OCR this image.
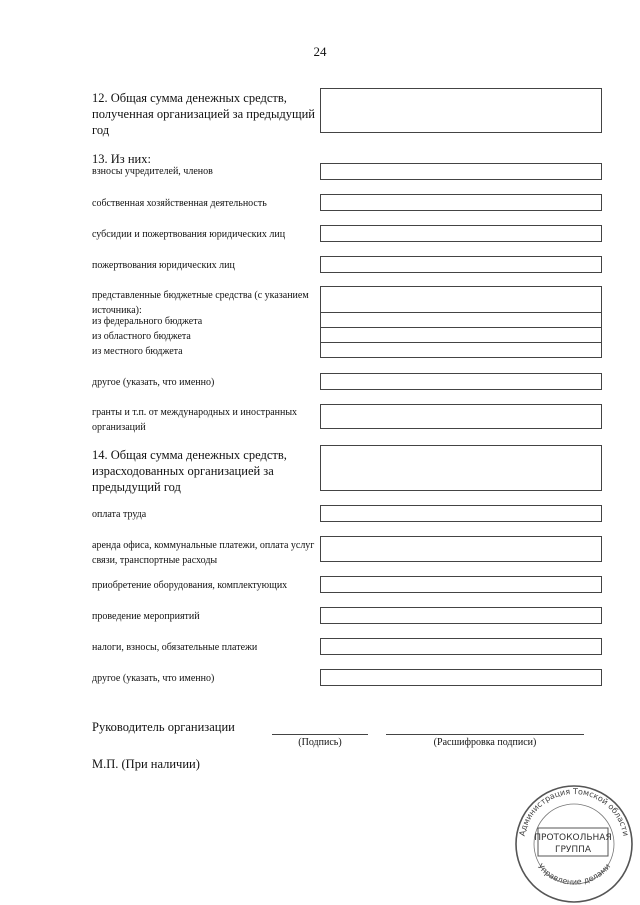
24
12. Общая сумма денежных средств, полученная организацией за предыдущий год
13. Из них:
взносы учредителей, членов
собственная хозяйственная деятельность
субсидии и пожертвования юридических лиц
пожертвования юридических лиц
представленные бюджетные средства (с указанием источника):
из федерального бюджета
из областного бюджета
из местного бюджета
другое (указать, что именно)
гранты и т.п. от международных и иностранных организаций
14. Общая сумма денежных средств, израсходованных организацией за предыдущий год
оплата труда
аренда офиса, коммунальные платежи, оплата услуг связи, транспортные расходы
приобретение оборудования, комплектующих
проведение мероприятий
налоги, взносы, обязательные платежи
другое (указать, что именно)
Руководитель организации
(Подпись)	(Расшифровка подписи)
М.П. (При наличии)
Администрация Томской области
Управление делами
ПРОТОКОЛЬНАЯ
ГРУППА
